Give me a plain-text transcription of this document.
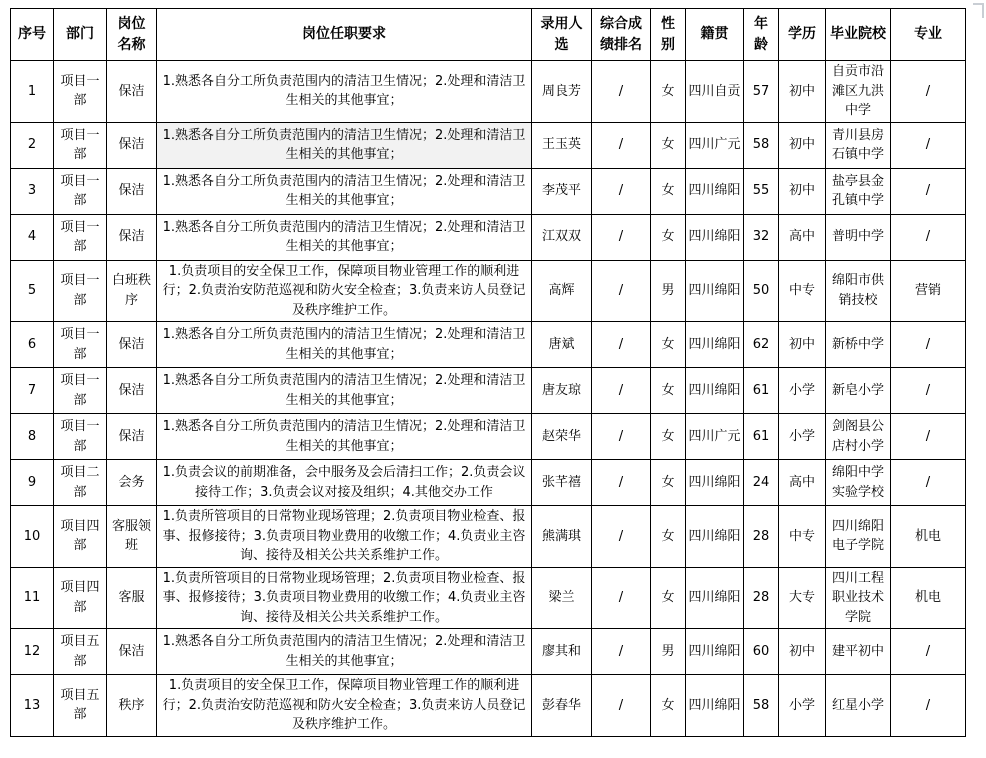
序号	部门	岗位名称	岗位任职要求	录用人选	综合成绩排名	性别	籍贯	年龄	学历	毕业院校	专业
1	项目一部	保洁	1.熟悉各自分工所负责范围内的清洁卫生情况；2.处理和清洁卫生相关的其他事宜；	周良芳	/	女	四川自贡	57	初中	自贡市沿滩区九洪中学	/
2	项目一部	保洁	1.熟悉各自分工所负责范围内的清洁卫生情况；2.处理和清洁卫生相关的其他事宜；	王玉英	/	女	四川广元	58	初中	青川县房石镇中学	/
3	项目一部	保洁	1.熟悉各自分工所负责范围内的清洁卫生情况；2.处理和清洁卫生相关的其他事宜；	李茂平	/	女	四川绵阳	55	初中	盐亭县金孔镇中学	/
4	项目一部	保洁	1.熟悉各自分工所负责范围内的清洁卫生情况；2.处理和清洁卫生相关的其他事宜；	江双双	/	女	四川绵阳	32	高中	普明中学	/
5	项目一部	白班秩序	1.负责项目的安全保卫工作，保障项目物业管理工作的顺利进行；2.负责治安防范巡视和防火安全检查；3.负责来访人员登记及秩序维护工作。	高辉	/	男	四川绵阳	50	中专	绵阳市供销技校	营销
6	项目一部	保洁	1.熟悉各自分工所负责范围内的清洁卫生情况；2.处理和清洁卫生相关的其他事宜；	唐斌	/	女	四川绵阳	62	初中	新桥中学	/
7	项目一部	保洁	1.熟悉各自分工所负责范围内的清洁卫生情况；2.处理和清洁卫生相关的其他事宜；	唐友琼	/	女	四川绵阳	61	小学	新皂小学	/
8	项目一部	保洁	1.熟悉各自分工所负责范围内的清洁卫生情况；2.处理和清洁卫生相关的其他事宜；	赵荣华	/	女	四川广元	61	小学	剑阁县公店村小学	/
9	项目二部	会务	1.负责会议的前期准备，会中服务及会后清扫工作；2.负责会议接待工作；3.负责会议对接及组织；4.其他交办工作	张芊禧	/	女	四川绵阳	24	高中	绵阳中学实验学校	/
10	项目四部	客服领班	1.负责所管项目的日常物业现场管理；2.负责项目物业检查、报事、报修接待；3.负责项目物业费用的收缴工作；4.负责业主咨询、接待及相关公共关系维护工作。	熊满琪	/	女	四川绵阳	28	中专	四川绵阳电子学院	机电
11	项目四部	客服	1.负责所管项目的日常物业现场管理；2.负责项目物业检查、报事、报修接待；3.负责项目物业费用的收缴工作；4.负责业主咨询、接待及相关公共关系维护工作。	梁兰	/	女	四川绵阳	28	大专	四川工程职业技术学院	机电
12	项目五部	保洁	1.熟悉各自分工所负责范围内的清洁卫生情况；2.处理和清洁卫生相关的其他事宜；	廖其和	/	男	四川绵阳	60	初中	建平初中	/
13	项目五部	秩序	1.负责项目的安全保卫工作，保障项目物业管理工作的顺利进行；2.负责治安防范巡视和防火安全检查；3.负责来访人员登记及秩序维护工作。	彭春华	/	女	四川绵阳	58	小学	红星小学	/
